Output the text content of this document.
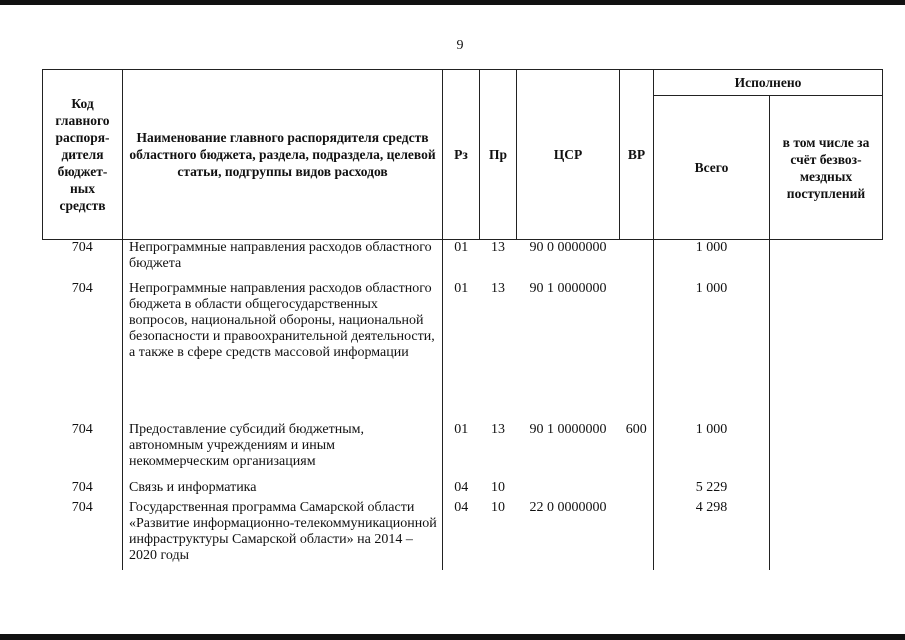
9
Код главного распоря-дителя бюджет-ных средств	Наименование главного распорядителя средств областного бюджета, раздела, подраздела, целевой статьи, подгруппы видов расходов	Рз	Пр	ЦСР	ВР	Исполнено	
						Всего	в том числе за счёт безвоз-мездных поступлений
704	Непрограммные направления расходов областного бюджета	01	13	90 0 0000000		1 000	
704	Непрограммные направления расходов областного бюджета в области общегосударственных вопросов, национальной обороны, национальной безопасности и правоохранительной деятельности, а также в сфере средств массовой информации	01	13	90 1 0000000		1 000	
704	Предоставление субсидий бюджетным, автономным учреждениям и иным некоммерческим организациям	01	13	90 1 0000000	600	1 000	
704	Связь и информатика	04	10			5 229	
704	Государственная программа Самарской области «Развитие информационно-телекоммуникационной инфраструктуры Самарской области» на 2014 – 2020 годы	04	10	22 0 0000000		4 298	
